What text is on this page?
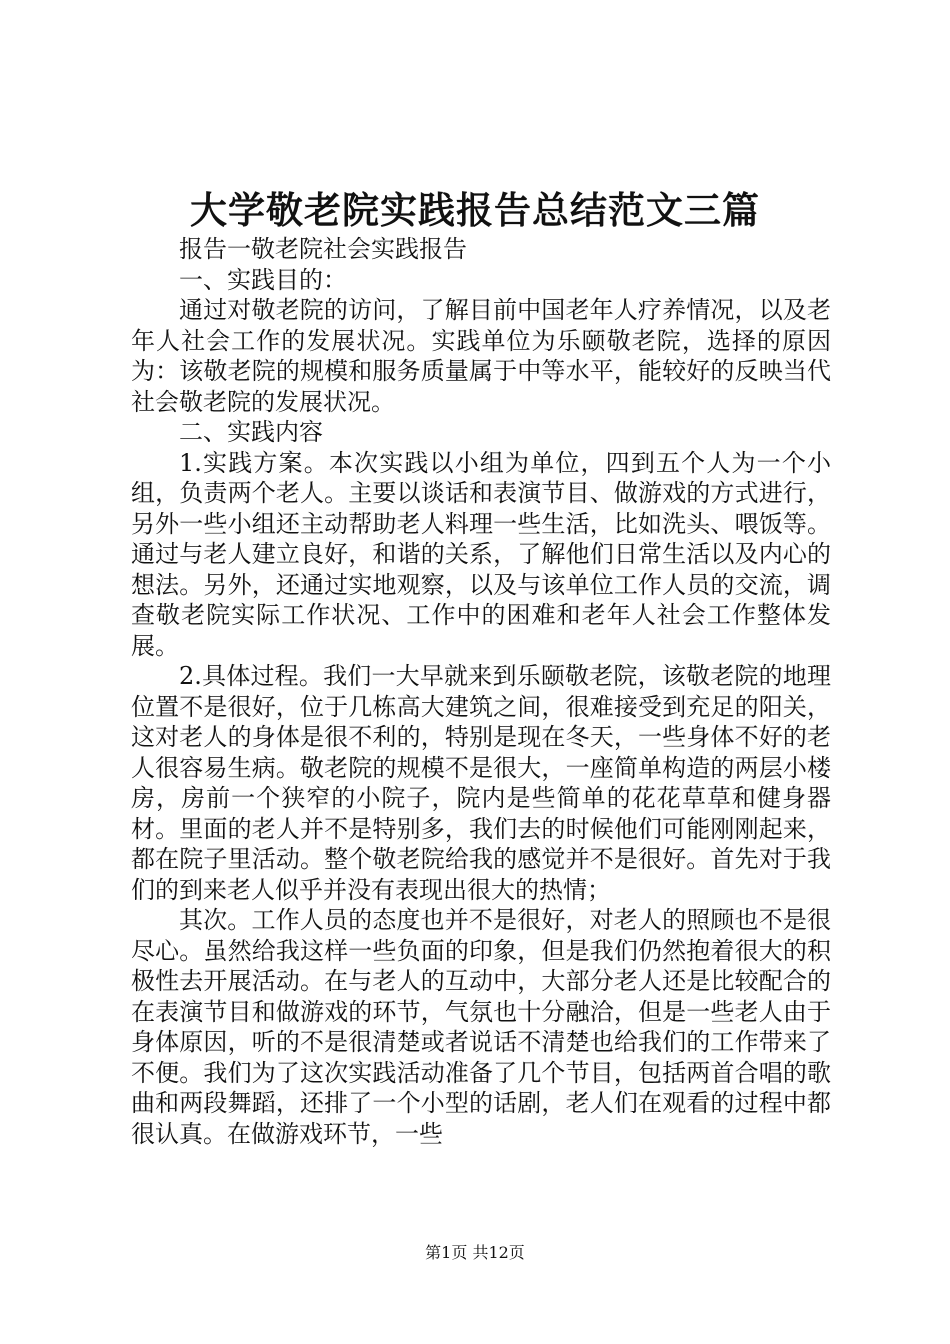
大学敬老院实践报告总结范文三篇

报告一敬老院社会实践报告

一、实践目的：

通过对敬老院的访问，了解目前中国老年人疗养情况，以及老年人社会工作的发展状况。实践单位为乐颐敬老院，选择的原因为：该敬老院的规模和服务质量属于中等水平，能较好的反映当代社会敬老院的发展状况。

二、实践内容

1.实践方案。本次实践以小组为单位，四到五个人为一个小组，负责两个老人。主要以谈话和表演节目、做游戏的方式进行，另外一些小组还主动帮助老人料理一些生活，比如洗头、喂饭等。通过与老人建立良好，和谐的关系，了解他们日常生活以及内心的想法。另外，还通过实地观察，以及与该单位工作人员的交流，调查敬老院实际工作状况、工作中的困难和老年人社会工作整体发展。

2.具体过程。我们一大早就来到乐颐敬老院，该敬老院的地理位置不是很好，位于几栋高大建筑之间，很难接受到充足的阳关，这对老人的身体是很不利的，特别是现在冬天，一些身体不好的老人很容易生病。敬老院的规模不是很大，一座简单构造的两层小楼房，房前一个狭窄的小院子，院内是些简单的花花草草和健身器材。里面的老人并不是特别多，我们去的时候他们可能刚刚起来，都在院子里活动。整个敬老院给我的感觉并不是很好。首先对于我们的到来老人似乎并没有表现出很大的热情；

其次。工作人员的态度也并不是很好，对老人的照顾也不是很尽心。虽然给我这样一些负面的印象，但是我们仍然抱着很大的积极性去开展活动。在与老人的互动中，大部分老人还是比较配合的在表演节目和做游戏的环节，气氛也十分融洽，但是一些老人由于身体原因，听的不是很清楚或者说话不清楚也给我们的工作带来了不便。我们为了这次实践活动准备了几个节目，包括两首合唱的歌曲和两段舞蹈，还排了一个小型的话剧，老人们在观看的过程中都很认真。在做游戏环节，一些

第1页 共12页
